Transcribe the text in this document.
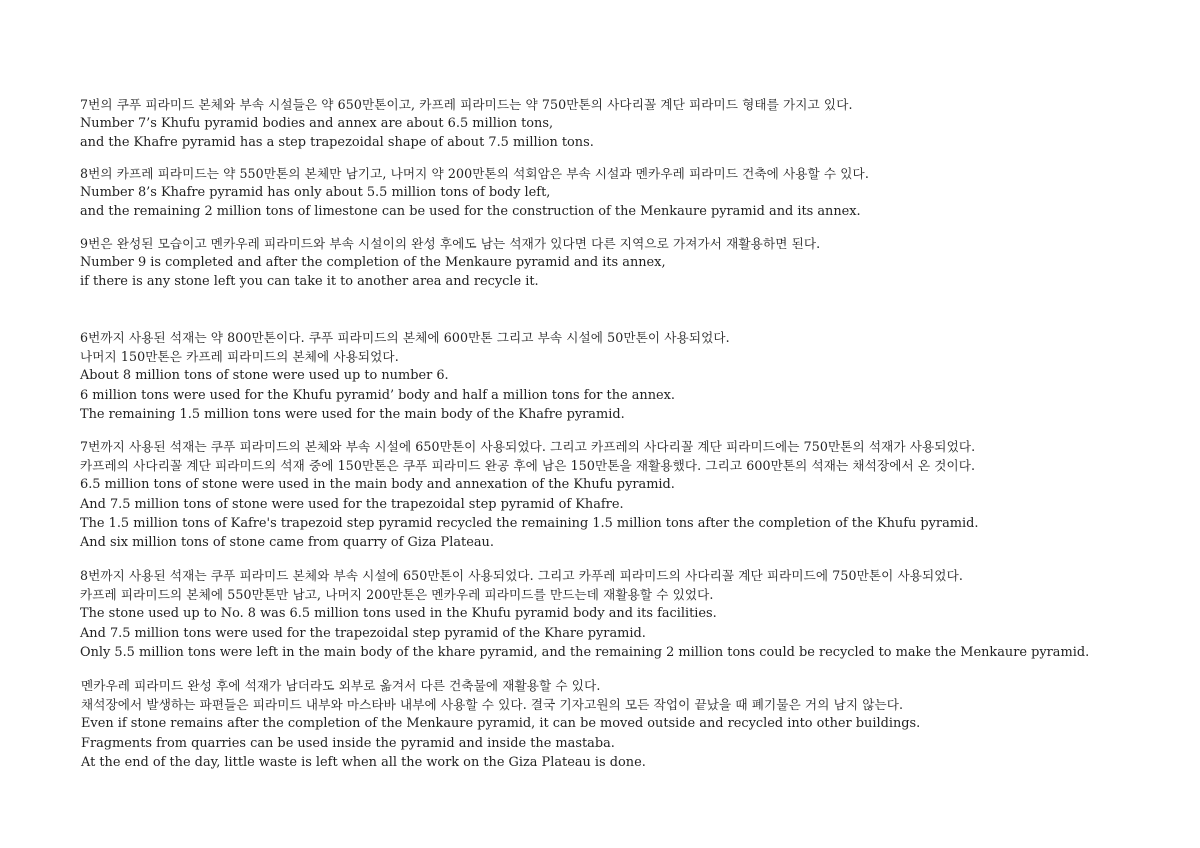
7번의 쿠푸 피라미드 본체와 부속 시설들은 약 650만톤이고, 카프레 피라미드는 약 750만톤의 사다리꼴 계단 피라미드 형태를 가지고 있다.
Number 7’s Khufu pyramid bodies and annex are about 6.5 million tons,
and the Khafre pyramid has a step trapezoidal shape of about 7.5 million tons.
8번의 카프레 피라미드는 약 550만톤의 본체만 남기고, 나머지 약 200만톤의 석회암은 부속 시설과 멘카우레 피라미드 건축에 사용할 수 있다.
Number 8’s Khafre pyramid has only about 5.5 million tons of body left,
and the remaining 2 million tons of limestone can be used for the construction of the Menkaure pyramid and its annex.
9번은 완성된 모습이고 멘카우레 피라미드와 부속 시설이의 완성 후에도 남는 석재가 있다면 다른 지역으로 가져가서 재활용하면 된다.
Number 9 is completed and after the completion of the Menkaure pyramid and its annex,
if there is any stone left you can take it to another area and recycle it.
6번까지 사용된 석재는 약 800만톤이다. 쿠푸 피라미드의 본체에 600만톤 그리고 부속 시설에 50만톤이 사용되었다.
나머지 150만톤은 카프레 피라미드의 본체에 사용되었다.
About 8 million tons of stone were used up to number 6.
6 million tons were used for the Khufu pyramid’ body and half a million tons for the annex.
The remaining 1.5 million tons were used for the main body of the Khafre pyramid.
7번까지 사용된 석재는 쿠푸 피라미드의 본체와 부속 시설에 650만톤이 사용되었다. 그리고 카프레의 사다리꼴 계단 피라미드에는 750만톤의 석재가 사용되었다.
카프레의 사다리꼴 계단 피라미드의 석재 중에 150만톤은 쿠푸 피라미드 완공 후에 남은 150만톤을 재활용했다. 그리고 600만톤의 석재는 채석장에서 온 것이다.
6.5 million tons of stone were used in the main body and annexation of the Khufu pyramid.
And 7.5 million tons of stone were used for the trapezoidal step pyramid of Khafre.
The 1.5 million tons of Kafre's trapezoid step pyramid recycled the remaining 1.5 million tons after the completion of the Khufu pyramid.
And six million tons of stone came from quarry of Giza Plateau.
8번까지 사용된 석재는 쿠푸 피라미드 본체와 부속 시설에 650만톤이 사용되었다. 그리고 카푸레 피라미드의 사다리꼴 계단 피라미드에 750만톤이 사용되었다.
카프레 피라미드의 본체에 550만톤만 남고, 나머지 200만톤은 멘카우레 피라미드를 만드는데 재활용할 수 있었다.
The stone used up to No. 8 was 6.5 million tons used in the Khufu pyramid body and its facilities.
And 7.5 million tons were used for the trapezoidal step pyramid of the Khare pyramid.
Only 5.5 million tons were left in the main body of the khare pyramid, and the remaining 2 million tons could be recycled to make the Menkaure pyramid.
멘카우레 피라미드 완성 후에 석재가 남더라도 외부로 옮겨서 다른 건축물에 재활용할 수 있다.
채석장에서 발생하는 파편들은 피라미드 내부와 마스타바 내부에 사용할 수 있다. 결국 기자고원의 모든 작업이 끝났을 때 폐기물은 거의 남지 않는다.
Even if stone remains after the completion of the Menkaure pyramid, it can be moved outside and recycled into other buildings.
Fragments from quarries can be used inside the pyramid and inside the mastaba.
At the end of the day, little waste is left when all the work on the Giza Plateau is done.
